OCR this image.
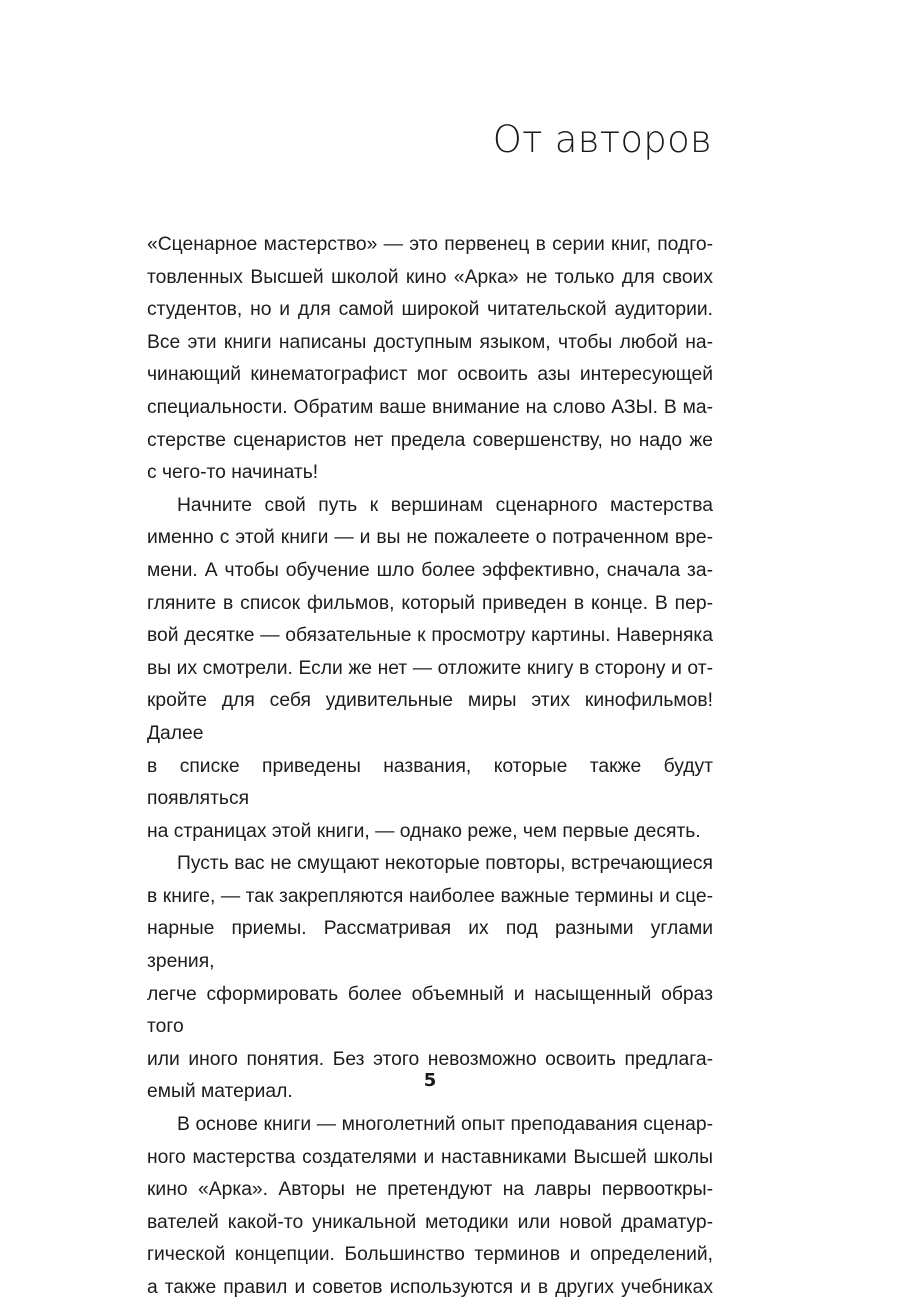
От авторов

«Сценарное мастерство» — это первенец в серии книг, подго-

товленных Высшей школой кино «Арка» не только для своих

студентов, но и для самой широкой читательской аудитории.

Все эти книги написаны доступным языком, чтобы любой на-

чинающий кинематографист мог освоить азы интересующей

специальности. Обратим ваше внимание на слово АЗЫ. В ма-

стерстве сценаристов нет предела совершенству, но надо же

с чего-то начинать!

Начните свой путь к вершинам сценарного мастерства

именно с этой книги — и вы не пожалеете о потраченном вре-

мени. А чтобы обучение шло более эффективно, сначала за-

гляните в список фильмов, который приведен в конце. В пер-

вой десятке — обязательные к просмотру картины. Наверняка

вы их смотрели. Если же нет — отложите книгу в сторону и от-

кройте для себя удивительные миры этих кинофильмов! Далее

в списке приведены названия, которые также будут появляться

на страницах этой книги, — однако реже, чем первые десять.

Пусть вас не смущают некоторые повторы, встречающиеся

в книге, — так закрепляются наиболее важные термины и сце-

нарные приемы. Рассматривая их под разными углами зрения,

легче сформировать более объемный и насыщенный образ того

или иного понятия. Без этого невозможно освоить предлага-

емый материал.

В основе книги — многолетний опыт преподавания сценар-

ного мастерства создателями и наставниками Высшей школы

кино «Арка». Авторы не претендуют на лавры первооткры-

вателей какой-то уникальной методики или новой драматур-

гической концепции. Большинство терминов и определений,

а также правил и советов используются и в других учебниках

5
